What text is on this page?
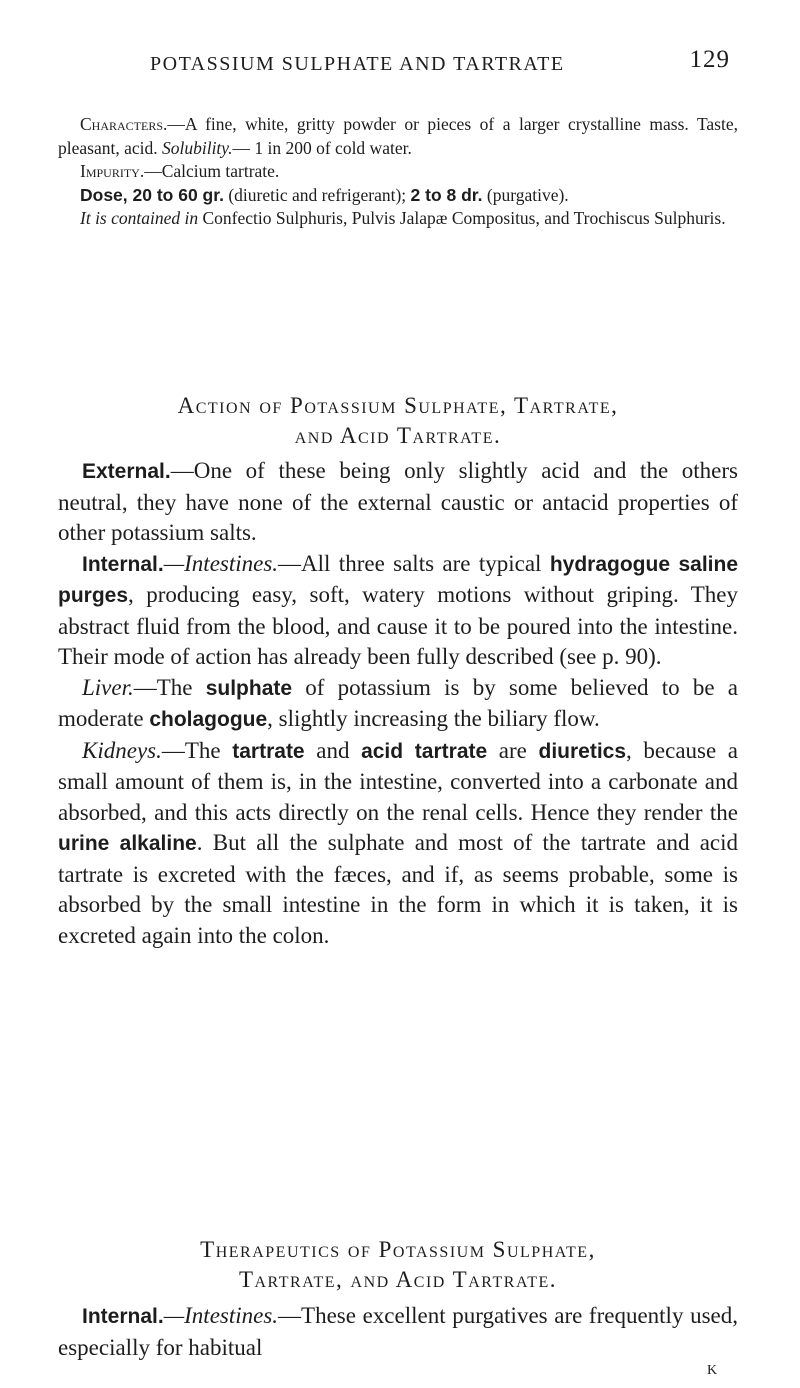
POTASSIUM SULPHATE AND TARTRATE	129

Characters.—A fine, white, gritty powder or pieces of a larger crystalline mass. Taste, pleasant, acid. Solubility.— 1 in 200 of cold water.

Impurity.—Calcium tartrate.

Dose, 20 to 60 gr. (diuretic and refrigerant); 2 to 8 dr. (purgative).

It is contained in Confectio Sulphuris, Pulvis Jalapæ Compositus, and Trochiscus Sulphuris.

Action of Potassium Sulphate, Tartrate,
and Acid Tartrate.

External.—One of these being only slightly acid and the others neutral, they have none of the external caustic or antacid properties of other potassium salts.

Internal.—Intestines.—All three salts are typical hydragogue saline purges, producing easy, soft, watery motions without griping. They abstract fluid from the blood, and cause it to be poured into the intestine. Their mode of action has already been fully described (see p. 90).

Liver.—The sulphate of potassium is by some believed to be a moderate cholagogue, slightly increasing the biliary flow.

Kidneys.—The tartrate and acid tartrate are diuretics, because a small amount of them is, in the intestine, converted into a carbonate and absorbed, and this acts directly on the renal cells. Hence they render the urine alkaline. But all the sulphate and most of the tartrate and acid tartrate is excreted with the fæces, and if, as seems probable, some is absorbed by the small intestine in the form in which it is taken, it is excreted again into the colon.

Therapeutics of Potassium Sulphate,
Tartrate, and Acid Tartrate.

Internal.—Intestines.—These excellent purgatives are frequently used, especially for habitual

K
